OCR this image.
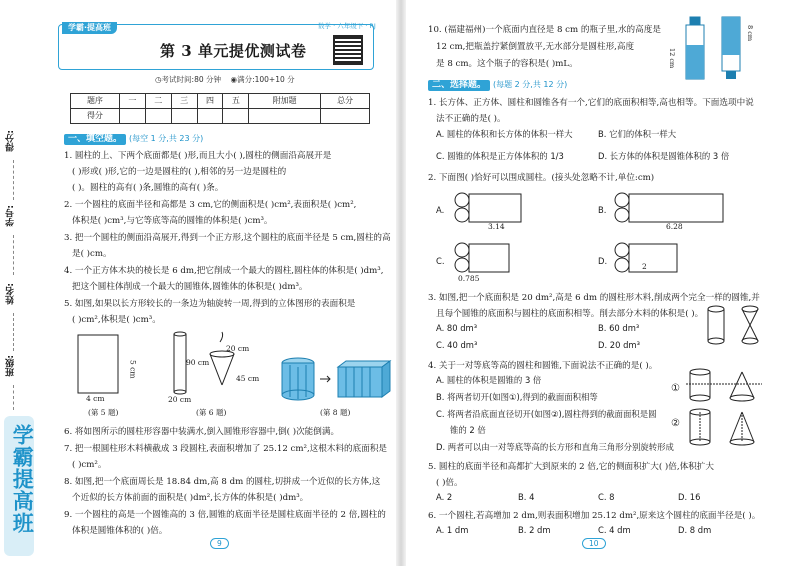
得分:
学号:
姓名:
班级:
学霸提高班
学霸·提高班	数学 · 六年级下 · RJ
第 3 单元提优测试卷
◷考试时间:80 分钟 ◉满分:100+10 分
题序	一	二	三	四	五	附加题	总分
得分							
一、填空题。 (每空 1 分,共 23 分)
1. 圆柱的上、下两个底面都是( )形,而且大小( ),圆柱的侧面沿高展开是
( )形或( )形,它的一边是圆柱的( ),相邻的另一边是圆柱的
( )。圆柱的高有( )条,圆锥的高有( )条。
2. 一个圆柱的底面半径和高都是 3 cm,它的侧面积是( )cm²,表面积是( )cm²,
体积是( )cm³,与它等底等高的圆锥的体积是( )cm³。
3. 把一个圆柱的侧面沿高展开,得到一个正方形,这个圆柱的底面半径是 5 cm,圆柱的高
是( )cm。
4. 一个正方体木块的棱长是 6 dm,把它削成一个最大的圆柱,圆柱体的体积是( )dm³,
把这个圆柱体削成一个最大的圆锥体,圆锥体的体积是( )dm³。
5. 如图,如果以长方形较长的一条边为轴旋转一周,得到的立体图形的表面积是
( )cm²,体积是( )cm³。
4 cm
5 cm
(第 5 题)
90 cm
20 cm
45 cm
20 cm
(第 6 题)	(第 8 题)
6. 将如图所示的圆柱形容器中装满水,倒入圆锥形容器中,倒( )次能倒满。
7. 把一根圆柱形木料横截成 3 段圆柱,表面积增加了 25.12 cm²,这根木料的底面积是
( )cm²。
8. 如图,把一个底面周长是 18.84 dm,高 8 dm 的圆柱,切拼成一个近似的长方体,这
个近似的长方体前面的面积是( )dm²,长方体的体积是( )dm³。
9. 一个圆柱的高是一个圆锥高的 3 倍,圆锥的底面半径是圆柱底面半径的 2 倍,圆柱的
体积是圆锥体积的( )倍。
9
10. (福建福州)一个底面内直径是 8 cm 的瓶子里,水的高度是
12 cm,把瓶盖拧紧倒置放平,无水部分是圆柱形,高度
是 8 cm。这个瓶子的容积是( )mL。	12 cm
8 cm
二、选择题。 (每题 2 分,共 12 分)
1. 长方体、正方体、圆柱和圆锥各有一个,它们的底面积相等,高也相等。下面选项中说
法不正确的是( )。
A. 圆柱的体积和长方体的体积一样大	B. 它们的体积一样大
C. 圆锥的体积是正方体体积的 1/3	D. 长方体的体积是圆锥体积的 3 倍
2. 下面图( )恰好可以围成圆柱。(接头处忽略不计,单位:cm)
A.
3.14
B.
6.28
C.
0.785
D.
2
3. 如图,把一个底面积是 20 dm²,高是 6 dm 的圆柱形木料,削成两个完全一样的圆锥,并
且每个圆锥的底面积与圆柱的底面积相等。削去部分木料的体积是( )。
A. 80 dm³	B. 60 dm³
C. 40 dm³	D. 20 dm³
4. 关于一对等底等高的圆柱和圆锥,下面说法不正确的是( )。
A. 圆柱的体积是圆锥的 3 倍
B. 将两者切开(如图①),得到的截面面积相等
C. 将两者沿底面直径切开(如图②),圆柱得到的截面面积是圆
锥的 2 倍
D. 两者可以由一对等底等高的长方形和直角三角形分别旋转形成
①
②
5. 圆柱的底面半径和高都扩大到原来的 2 倍,它的侧面积扩大( )倍,体积扩大
( )倍。
A. 2	B. 4	C. 8	D. 16
6. 一个圆柱,若高增加 2 dm,则表面积增加 25.12 dm²,原来这个圆柱的底面半径是( )。
A. 1 dm	B. 2 dm	C. 4 dm	D. 8 dm
10
